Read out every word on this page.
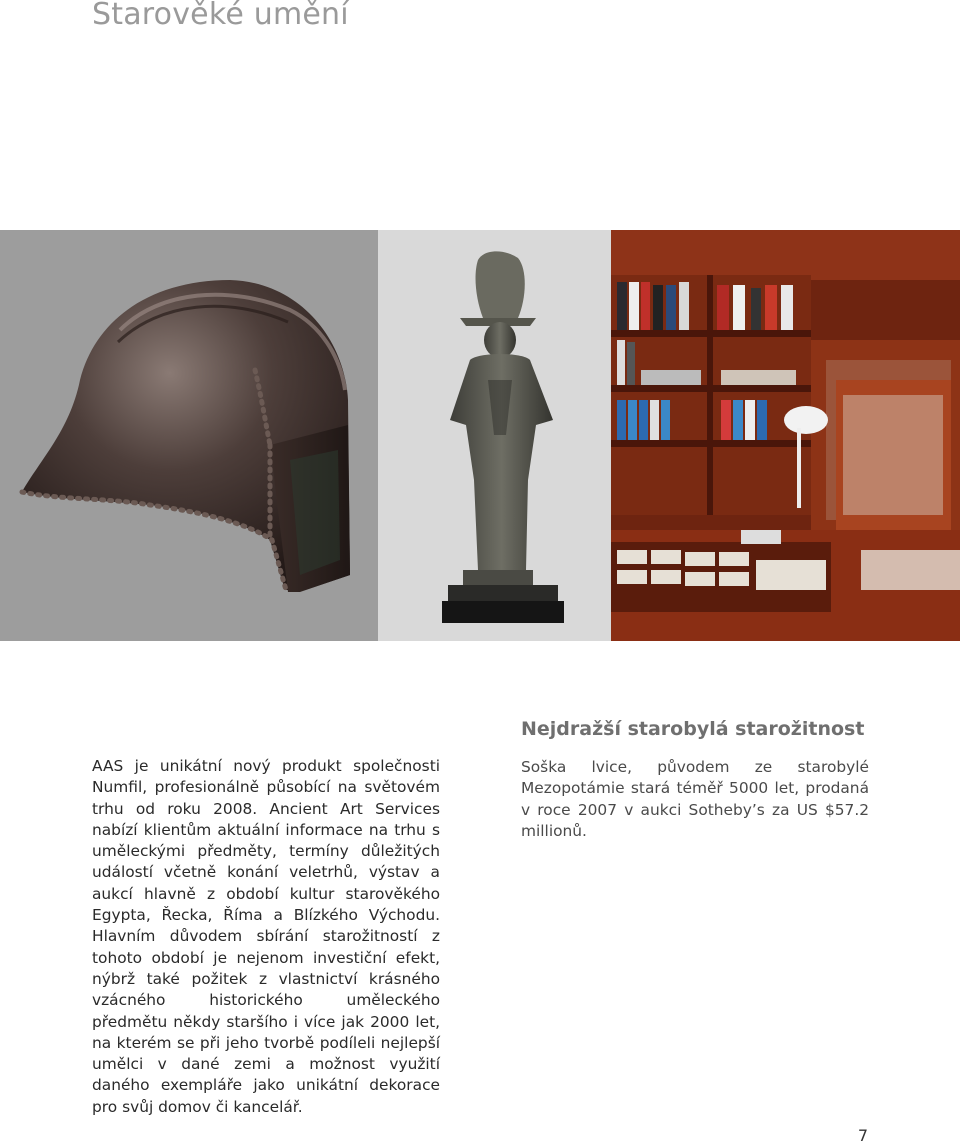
Starověké umění

AAS je unikátní nový produkt společnosti Numfil, profesionálně působící na světovém trhu od roku 2008. Ancient Art Services nabízí klientům aktuální informace na trhu s uměleckými předměty, termíny důležitých událostí včetně konání veletrhů, výstav a aukcí hlavně z období kultur starověkého Egypta, Řecka, Říma a Blízkého Východu. Hlavním důvodem sbírání starožitností z tohoto období je nejenom investiční efekt, nýbrž také požitek z vlastnictví krásného vzácného historického uměleckého předmětu někdy staršího i více jak 2000 let, na kterém se při jeho tvorbě podíleli nejlepší umělci v dané zemi a možnost využití daného exempláře jako unikátní dekorace pro svůj domov či kancelář.

Nejdražší starobylá starožitnost

Soška lvice, původem ze starobylé Mezopotámie stará téměř 5000 let, prodaná v roce 2007 v aukci Sotheby’s za US $57.2 millionů.

7
